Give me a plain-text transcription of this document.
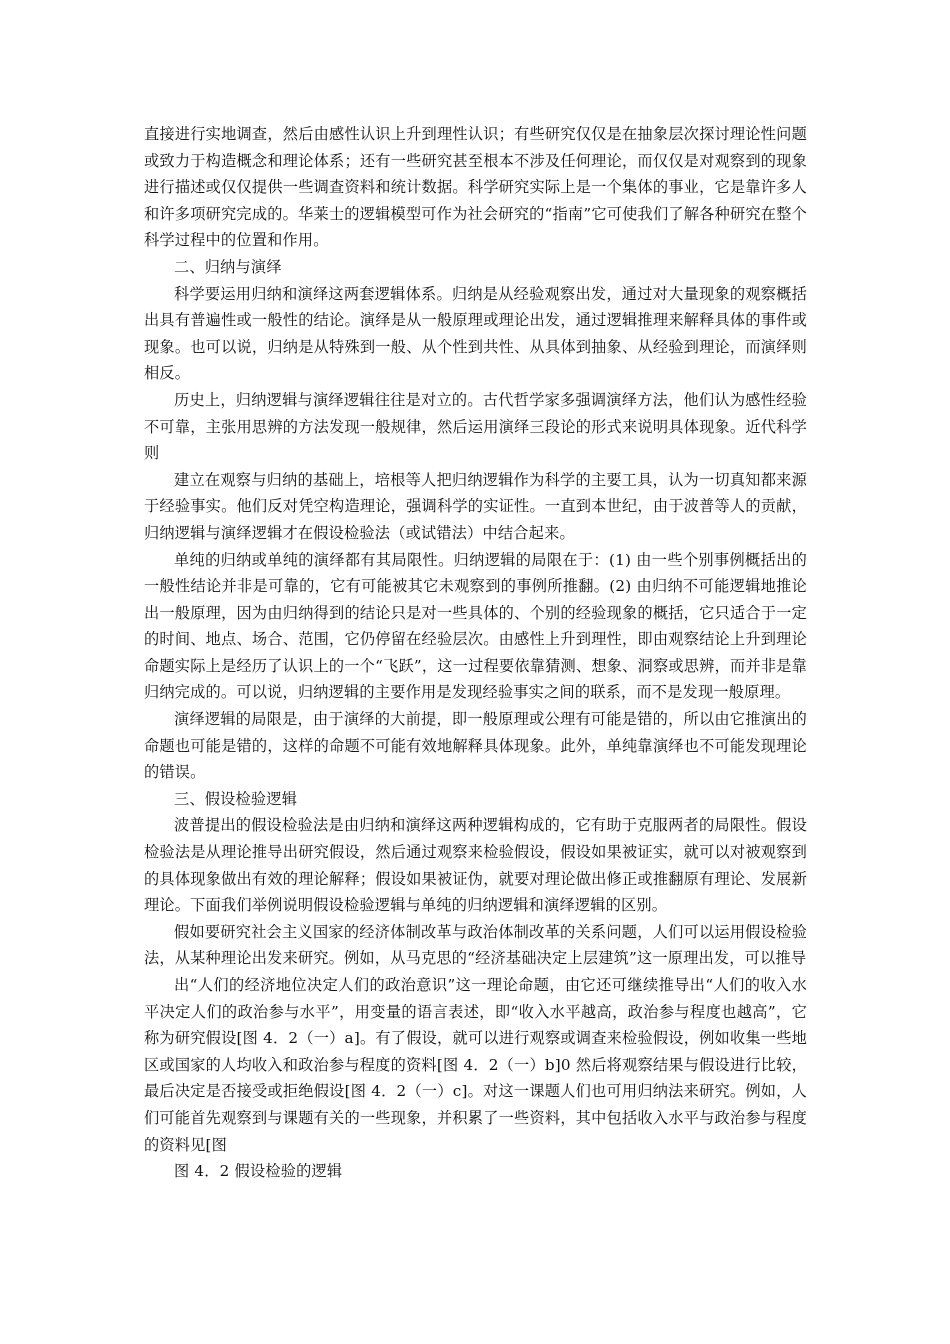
直接进行实地调查，然后由感性认识上升到理性认识；有些研究仅仅是在抽象层次探讨理论性问题或致力于构造概念和理论体系；还有一些研究甚至根本不涉及任何理论，而仅仅是对观察到的现象进行描述或仅仅提供一些调查资料和统计数据。科学研究实际上是一个集体的事业，它是靠许多人和许多项研究完成的。华莱士的逻辑模型可作为社会研究的“指南”它可使我们了解各种研究在整个科学过程中的位置和作用。

二、归纳与演绎

科学要运用归纳和演绎这两套逻辑体系。归纳是从经验观察出发，通过对大量现象的观察概括出具有普遍性或一般性的结论。演绎是从一般原理或理论出发，通过逻辑推理来解释具体的事件或现象。也可以说，归纳是从特殊到一般、从个性到共性、从具体到抽象、从经验到理论，而演绎则相反。

历史上，归纳逻辑与演绎逻辑往往是对立的。古代哲学家多强调演绎方法，他们认为感性经验不可靠，主张用思辨的方法发现一般规律，然后运用演绎三段论的形式来说明具体现象。近代科学则

建立在观察与归纳的基础上，培根等人把归纳逻辑作为科学的主要工具，认为一切真知都来源于经验事实。他们反对凭空构造理论，强调科学的实证性。一直到本世纪，由于波普等人的贡献，归纳逻辑与演绎逻辑才在假设检验法（或试错法）中结合起来。

单纯的归纳或单纯的演绎都有其局限性。归纳逻辑的局限在于：(1) 由一些个别事例概括出的一般性结论并非是可靠的，它有可能被其它未观察到的事例所推翻。(2) 由归纳不可能逻辑地推论出一般原理，因为由归纳得到的结论只是对一些具体的、个别的经验现象的概括，它只适合于一定的时间、地点、场合、范围，它仍停留在经验层次。由感性上升到理性，即由观察结论上升到理论命题实际上是经历了认识上的一个“飞跃”，这一过程要依靠猜测、想象、洞察或思辨，而并非是靠归纳完成的。可以说，归纳逻辑的主要作用是发现经验事实之间的联系，而不是发现一般原理。

演绎逻辑的局限是，由于演绎的大前提，即一般原理或公理有可能是错的，所以由它推演出的命题也可能是错的，这样的命题不可能有效地解释具体现象。此外，单纯靠演绎也不可能发现理论的错误。

三、假设检验逻辑

波普提出的假设检验法是由归纳和演绎这两种逻辑构成的，它有助于克服两者的局限性。假设检验法是从理论推导出研究假设，然后通过观察来检验假设，假设如果被证实，就可以对被观察到的具体现象做出有效的理论解释；假设如果被证伪，就要对理论做出修正或推翻原有理论、发展新理论。下面我们举例说明假设检验逻辑与单纯的归纳逻辑和演绎逻辑的区别。

假如要研究社会主义国家的经济体制改革与政治体制改革的关系问题，人们可以运用假设检验法，从某种理论出发来研究。例如，从马克思的“经济基础决定上层建筑”这一原理出发，可以推导

出“人们的经济地位决定人们的政治意识”这一理论命题，由它还可继续推导出“人们的收入水平决定人们的政治参与水平”，用变量的语言表述，即“收入水平越高，政治参与程度也越高”，它称为研究假设[图 4．2（一）a]。有了假设，就可以进行观察或调查来检验假设，例如收集一些地区或国家的人均收入和政治参与程度的资料[图 4．2（一）b]0 然后将观察结果与假设进行比较，最后决定是否接受或拒绝假设[图 4．2（一）c]。对这一课题人们也可用归纳法来研究。例如，人们可能首先观察到与课题有关的一些现象，并积累了一些资料，其中包括收入水平与政治参与程度的资料见[图

图 4．2 假设检验的逻辑
